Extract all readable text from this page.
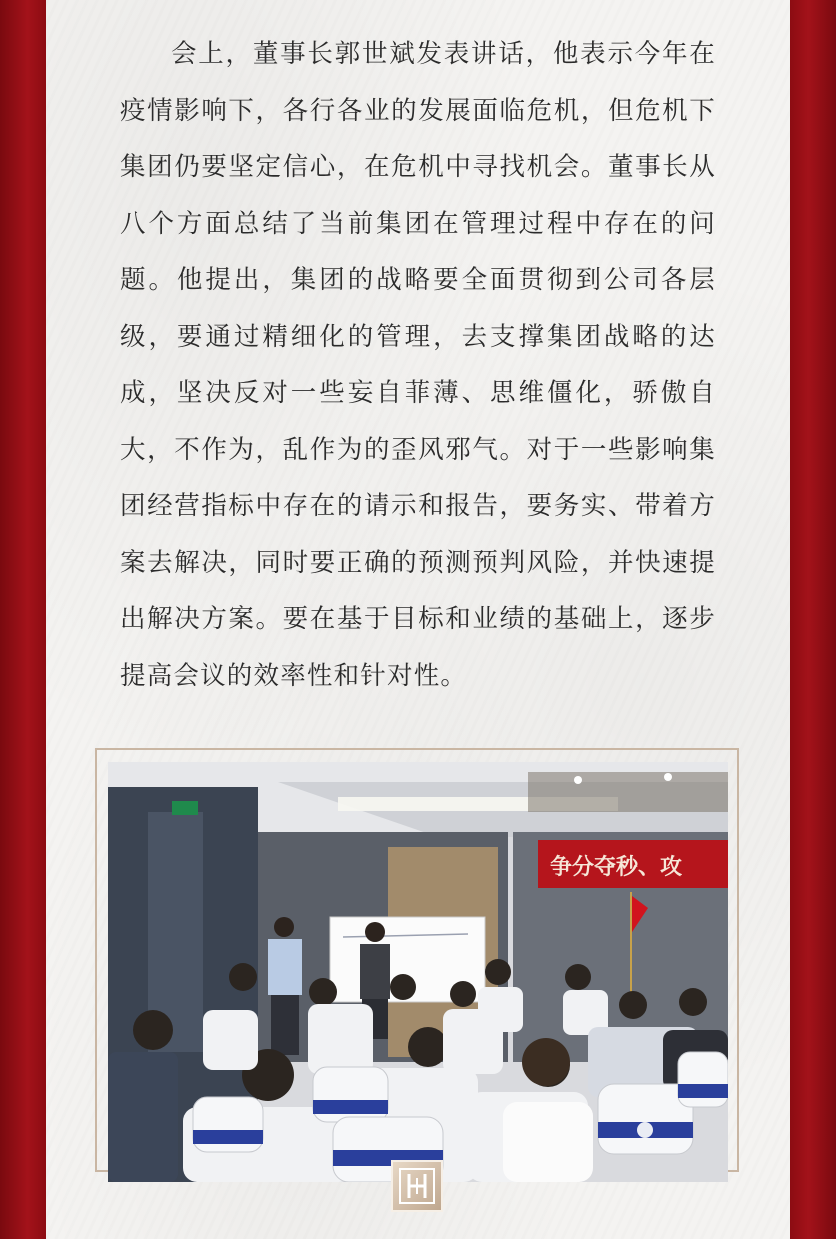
会上，董事长郭世斌发表讲话，他表示今年在疫情影响下，各行各业的发展面临危机，但危机下集团仍要坚定信心，在危机中寻找机会。董事长从八个方面总结了当前集团在管理过程中存在的问题。他提出，集团的战略要全面贯彻到公司各层级，要通过精细化的管理，去支撑集团战略的达成，坚决反对一些妄自菲薄、思维僵化，骄傲自大，不作为，乱作为的歪风邪气。对于一些影响集团经营指标中存在的请示和报告，要务实、带着方案去解决，同时要正确的预测预判风险，并快速提出解决方案。要在基于目标和业绩的基础上，逐步提高会议的效率性和针对性。

争分夺秒、攻
